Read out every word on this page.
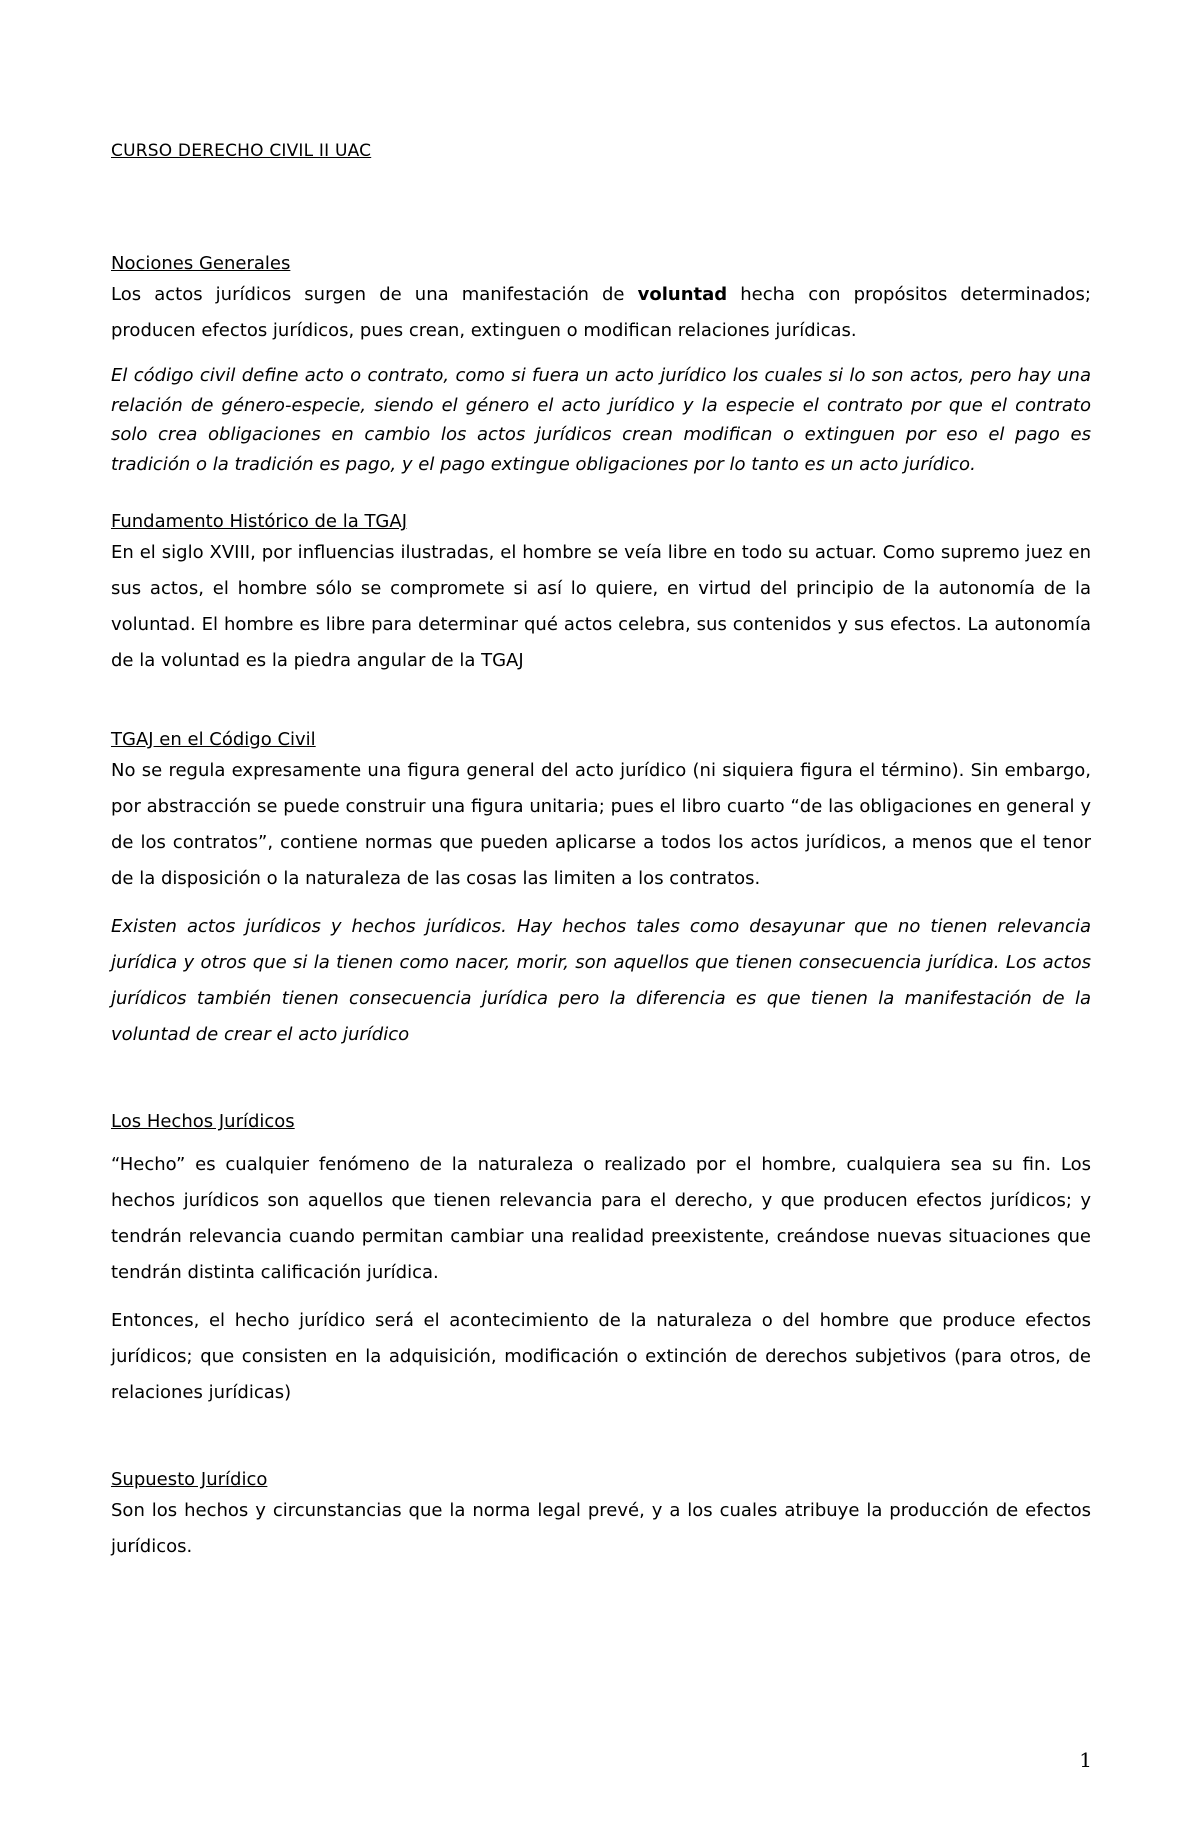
CURSO DERECHO CIVIL II UAC
Nociones Generales

Los actos jurídicos surgen de una manifestación de voluntad hecha con propósitos determinados; producen efectos jurídicos, pues crean, extinguen o modifican relaciones jurídicas.

El código civil define acto o contrato, como si fuera un acto jurídico los cuales si lo son actos, pero hay una relación de género-especie, siendo el género el acto jurídico y la especie el contrato por que el contrato solo crea obligaciones en cambio los actos jurídicos crean modifican o extinguen por eso el pago es tradición o la tradición es pago, y el pago extingue obligaciones por lo tanto es un acto jurídico.

Fundamento Histórico de la TGAJ

En el siglo XVIII, por influencias ilustradas, el hombre se veía libre en todo su actuar. Como supremo juez en sus actos, el hombre sólo se compromete si así lo quiere, en virtud del principio de la autonomía de la voluntad. El hombre es libre para determinar qué actos celebra, sus contenidos y sus efectos. La autonomía de la voluntad es la piedra angular de la TGAJ

TGAJ en el Código Civil

No se regula expresamente una figura general del acto jurídico (ni siquiera figura el término). Sin embargo, por abstracción se puede construir una figura unitaria; pues el libro cuarto “de las obligaciones en general y de los contratos”, contiene normas que pueden aplicarse a todos los actos jurídicos, a menos que el tenor de la disposición o la naturaleza de las cosas las limiten a los contratos.

Existen actos jurídicos y hechos jurídicos. Hay hechos tales como desayunar que no tienen relevancia jurídica y otros que si la tienen como nacer, morir, son aquellos que tienen consecuencia jurídica. Los actos jurídicos también tienen consecuencia jurídica pero la diferencia es que tienen la manifestación de la voluntad de crear el acto jurídico

Los Hechos Jurídicos

“Hecho” es cualquier fenómeno de la naturaleza o realizado por el hombre, cualquiera sea su fin. Los hechos jurídicos son aquellos que tienen relevancia para el derecho, y que producen efectos jurídicos; y tendrán relevancia cuando permitan cambiar una realidad preexistente, creándose nuevas situaciones que tendrán distinta calificación jurídica.

Entonces, el hecho jurídico será el acontecimiento de la naturaleza o del hombre que produce efectos jurídicos; que consisten en la adquisición, modificación o extinción de derechos subjetivos (para otros, de relaciones jurídicas)

Supuesto Jurídico

Son los hechos y circunstancias que la norma legal prevé, y a los cuales atribuye la producción de efectos jurídicos.

1
